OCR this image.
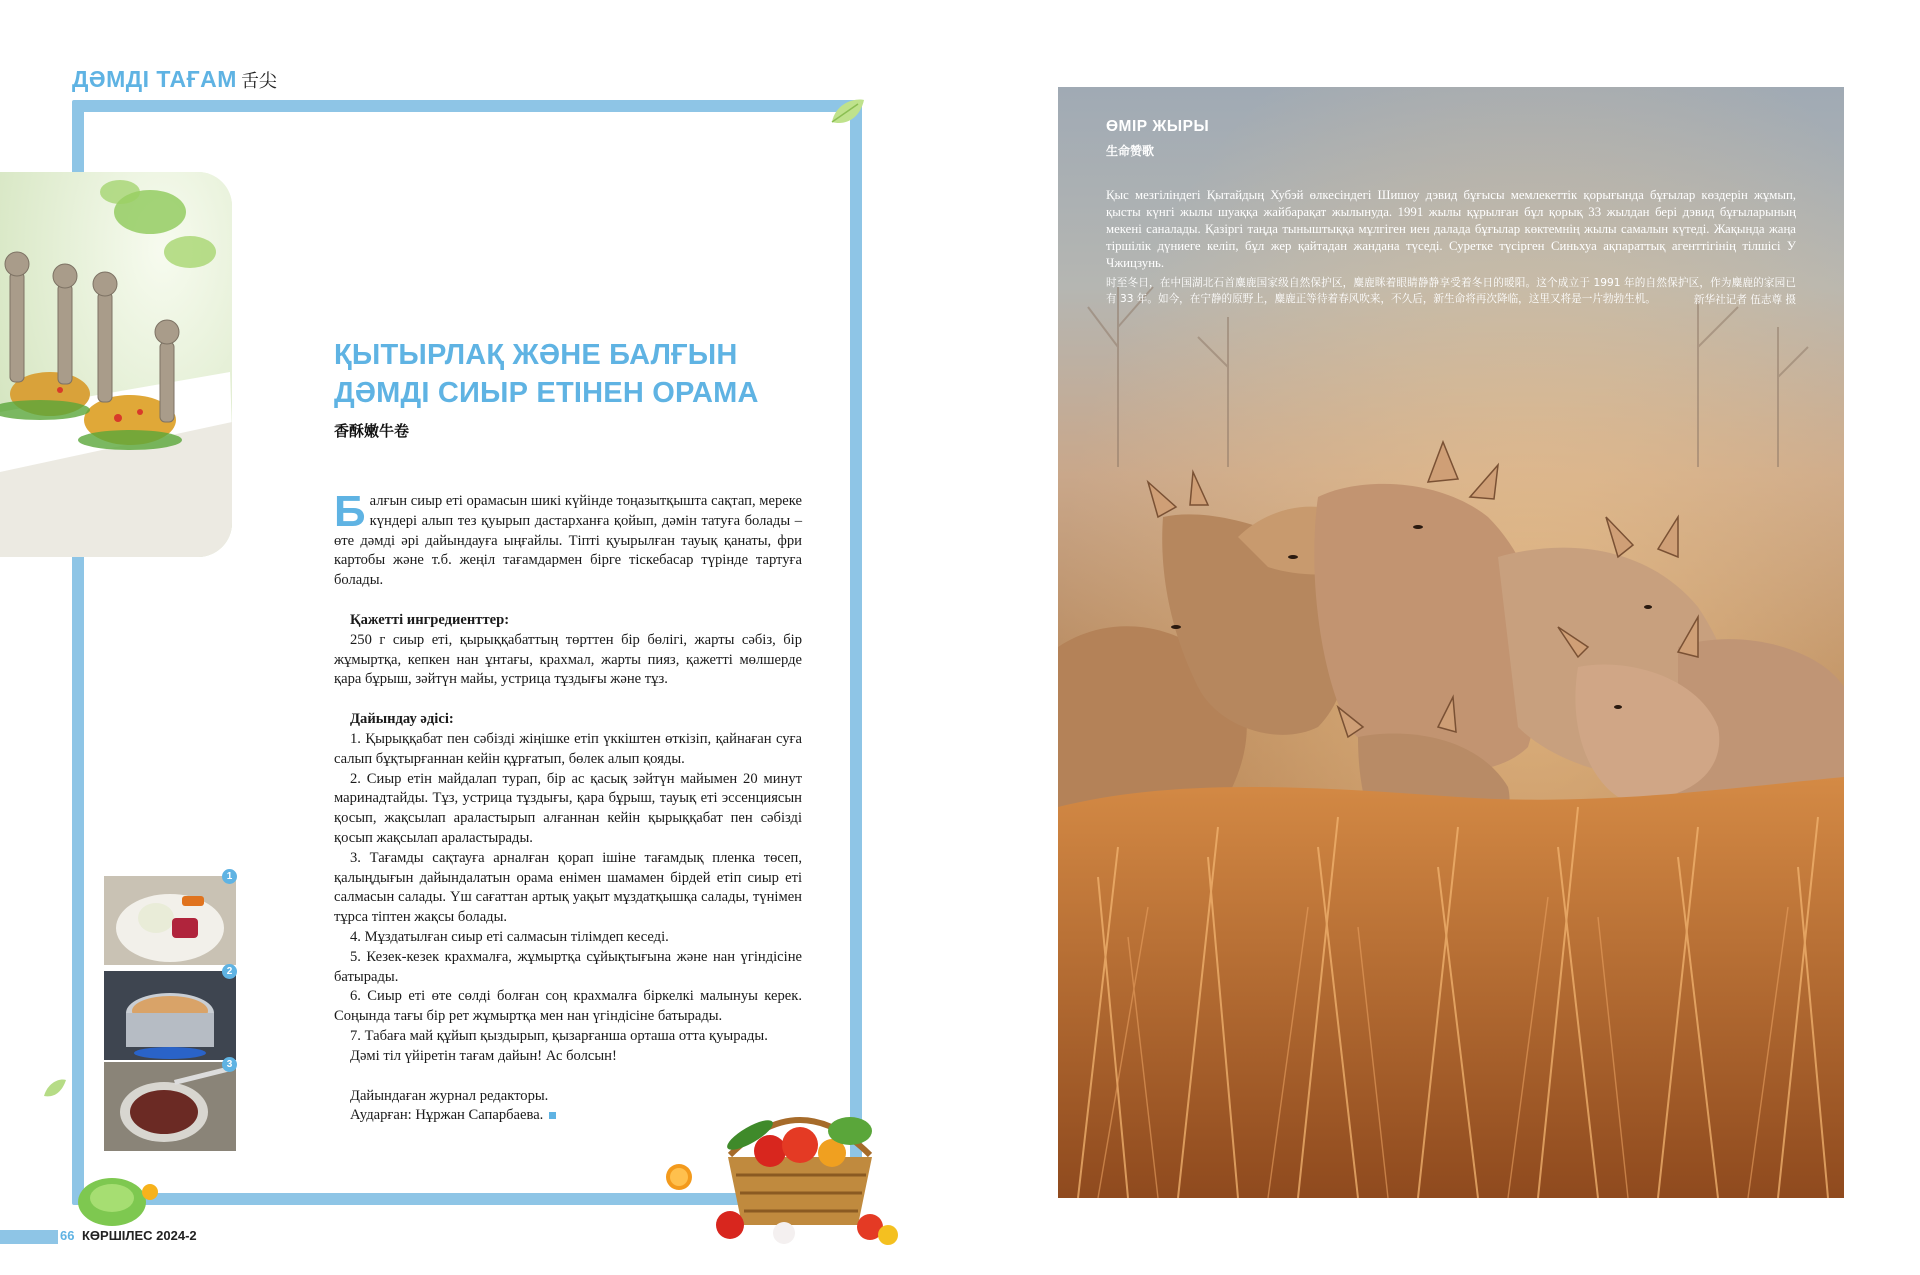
ДӘМДІ ТАҒАМ 舌尖
ҚЫТЫРЛАҚ ЖӘНЕ БАЛҒЫН
ДӘМДІ СИЫР ЕТІНЕН ОРАМА
香酥嫩牛卷

Балғын сиыр еті орамасын шикі күйінде тоңазытқышта сақтап, мереке күндері алып тез қуырып дастарханға қойып, дәмін татуға болады – өте дәмді әрі дайындауға ыңғайлы. Тіпті қуырылған тауық қанаты, фри картобы және т.б. жеңіл тағамдармен бірге тіскебасар түрінде тартуға болады.

Қажетті ингредиенттер:

250 г сиыр еті, қырыққабаттың төрттен бір бөлігі, жарты сәбіз, бір жұмыртқа, кепкен нан ұнтағы, крахмал, жарты пияз, қажетті мөлшерде қара бұрыш, зәйтүн майы, устрица тұздығы және тұз.

Дайындау әдісі:

1. Қырыққабат пен сәбізді жіңішке етіп үккіштен өткізіп, қайнаған суға салып бұқтырғаннан кейін құрғатып, бөлек алып қояды.

2. Сиыр етін майдалап турап, бір ас қасық зәйтүн майымен 20 минут маринадтайды. Тұз, устрица тұздығы, қара бұрыш, тауық еті эссенциясын қосып, жақсылап араластырып алғаннан кейін қырыққабат пен сәбізді қосып жақсылап араластырады.

3. Тағамды сақтауға арналған қорап ішіне тағамдық пленка төсеп, қалыңдығын дайындалатын орама енімен шамамен бірдей етіп сиыр еті салмасын салады. Үш сағаттан артық уақыт мұздатқышқа салады, түнімен тұрса тіптен жақсы болады.

4. Мұздатылған сиыр еті салмасын тілімдеп кеседі.

5. Кезек-кезек крахмалға, жұмыртқа сұйықтығына және нан үгіндісіне батырады.

6. Сиыр еті өте сөлді болған соң крахмалға біркелкі малынуы керек. Соңында тағы бір рет жұмыртқа мен нан үгіндісіне батырады.

7. Табаға май құйып қыздырып, қызарғанша орташа отта қуырады.

Дәмі тіл үйіретін тағам дайын! Ас болсын!

Дайындаған журнал редакторы.

Аударған: Нұржан Сапарбаева.

1
2
3
66 КӨРШІЛЕС 2024-2
ӨМІР ЖЫРЫ
生命赞歌
Қыс мезгіліндегі Қытайдың Хубэй өлкесіндегі Шишоу дэвид бұғысы мемлекеттік қорығында бұғылар көздерін жұмып, қысты күнгі жылы шуаққа жайбарақат жылынуда. 1991 жылы құрылған бұл қорық 33 жылдан бері дэвид бұғыларының мекені саналады. Қазіргі таңда тыныштыққа мұлгіген иен далада бұғылар көктемнің жылы самалын күтеді. Жақында жаңа тіршілік дүниеге келіп, бұл жер қайтадан жандана түседі. Суретке түсірген Синьхуа ақпараттық агенттігінің тілшісі У Чжицзунь.
时至冬日，在中国湖北石首麋鹿国家级自然保护区，麋鹿眯着眼睛静静享受着冬日的暖阳。这个成立于 1991 年的自然保护区，作为麋鹿的家园已有 33 年。如今，在宁静的原野上，麋鹿正等待着春风吹来，不久后，新生命将再次降临，这里又将是一片勃勃生机。	新华社记者 伍志尊 摄
